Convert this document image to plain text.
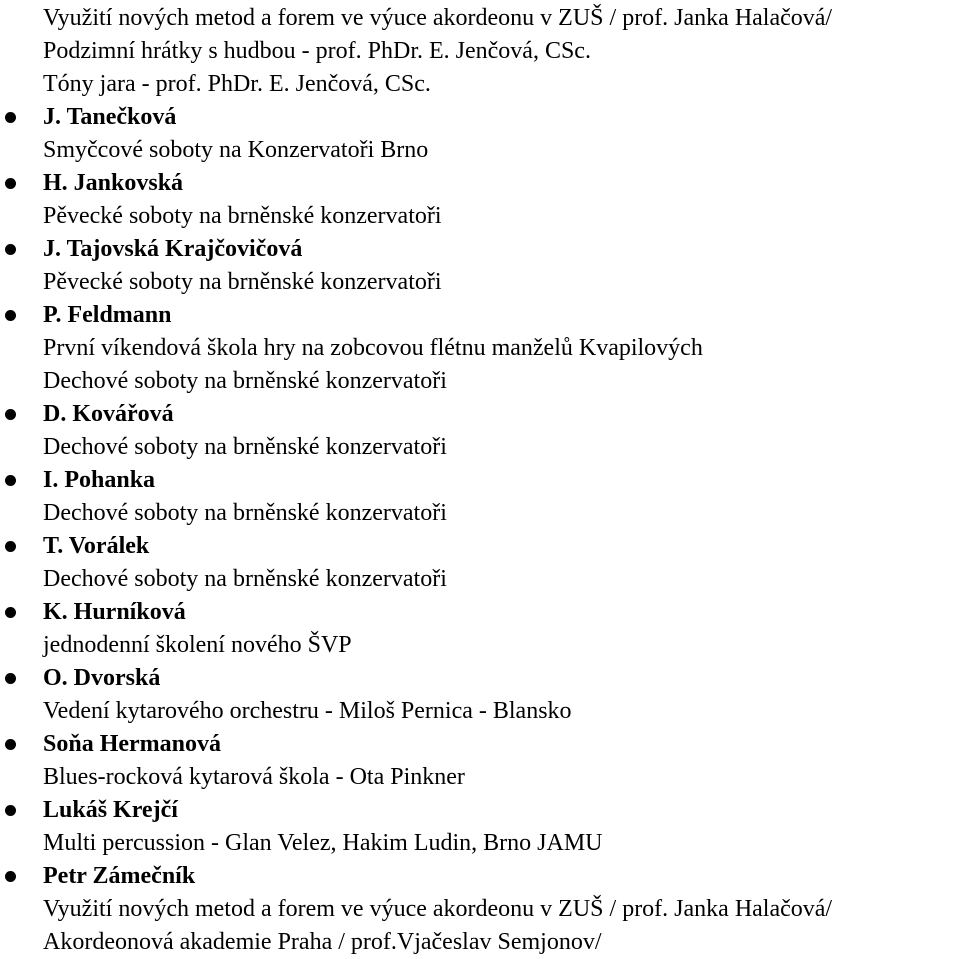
Využití nových metod a forem ve výuce akordeonu v ZUŠ / prof. Janka Halačová/
Podzimní hrátky s hudbou - prof. PhDr. E. Jenčová, CSc.
Tóny jara - prof. PhDr. E. Jenčová, CSc.
J. Tanečková
Smyčcové soboty na Konzervatoři Brno
H. Jankovská
Pěvecké soboty na brněnské konzervatoři
J. Tajovská Krajčovičová
Pěvecké soboty na brněnské konzervatoři
P. Feldmann
První víkendová škola hry na zobcovou flétnu manželů Kvapilových
Dechové soboty na brněnské konzervatoři
D. Kovářová
Dechové soboty na brněnské konzervatoři
I. Pohanka
Dechové soboty na brněnské konzervatoři
T. Vorálek
Dechové soboty na brněnské konzervatoři
K. Hurníková
jednodenní školení nového ŠVP
O. Dvorská
Vedení kytarového orchestru - Miloš Pernica - Blansko
Soňa Hermanová
Blues-rocková kytarová škola - Ota Pinkner
Lukáš Krejčí
Multi percussion - Glan Velez, Hakim Ludin, Brno JAMU
Petr Zámečník
Využití nových metod a forem ve výuce akordeonu v ZUŠ / prof. Janka Halačová/
Akordeonová akademie Praha / prof.Vjačeslav Semjonov/
